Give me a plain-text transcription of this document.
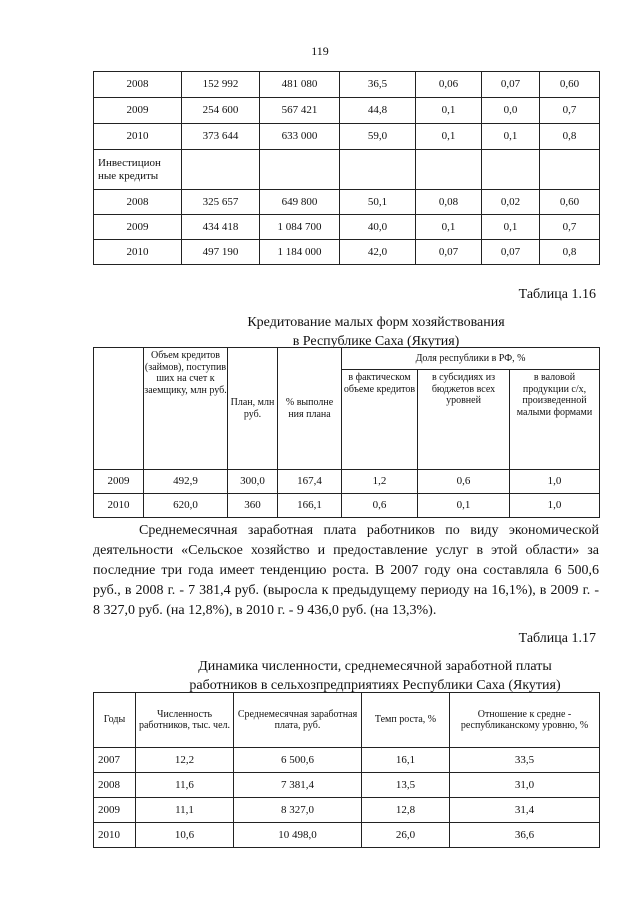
119
2008	152 992	481 080	36,5	0,06	0,07	0,60
2009	254 600	567 421	44,8	0,1	0,0	0,7
2010	373 644	633 000	59,0	0,1	0,1	0,8
Инвестицион
ные кредиты						
2008	325 657	649 800	50,1	0,08	0,02	0,60
2009	434 418	1 084 700	40,0	0,1	0,1	0,7
2010	497 190	1 184 000	42,0	0,07	0,07	0,8
Таблица 1.16
Кредитование малых форм хозяйствования
в Республике Саха (Якутия)
	Объем кредитов (займов), поступив ших на счет к заемщику, млн руб.	План, млн руб.	% выполне ния плана	Доля республики в РФ, %		
				в фактическом объеме кредитов	в субсидиях из бюджетов всех уровней	в валовой продукции с/х, произведенной малыми формами
2009	492,9	300,0	167,4	1,2	0,6	1,0
2010	620,0	360	166,1	0,6	0,1	1,0
Среднемесячная заработная плата работников по виду экономической деятельности «Сельское хозяйство и предоставление услуг в этой области» за последние три года имеет тенденцию роста. В 2007 году она составляла 6 500,6 руб., в 2008 г. - 7 381,4 руб. (выросла к предыдущему периоду на 16,1%), в 2009 г. - 8 327,0 руб. (на 12,8%), в 2010 г. - 9 436,0 руб. (на 13,3%).
Таблица 1.17
Динамика численности, среднемесячной заработной платы
работников в сельхозпредприятиях Республики Саха (Якутия)
Годы	Численность работников, тыс. чел.	Среднемесячная заработная плата, руб.	Темп роста, %	Отношение к средне - республиканскому уровню, %
2007	12,2	6 500,6	16,1	33,5
2008	11,6	7 381,4	13,5	31,0
2009	11,1	8 327,0	12,8	31,4
2010	10,6	10 498,0	26,0	36,6
